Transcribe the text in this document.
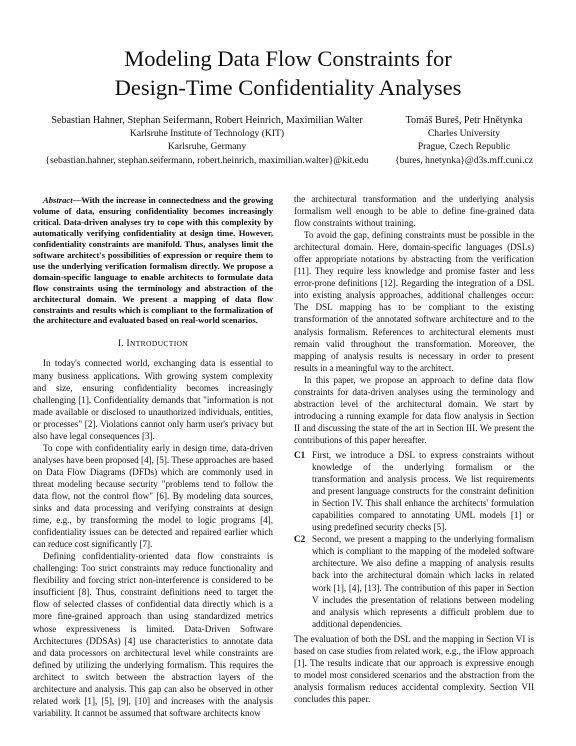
Modeling Data Flow Constraints for
Design-Time Confidentiality Analyses
Sebastian Hahner, Stephan Seifermann, Robert Heinrich, Maximilian Walter
Karlsruhe Institute of Technology (KIT)
Karlsruhe, Germany
{sebastian.hahner, stephan.seifermann, robert.heinrich, maximilian.walter}@kit.edu
Tomáš Bureš, Petr Hnětynka
Charles University
Prague, Czech Republic
{bures, hnetynka}@d3s.mff.cuni.cz

Abstract—With the increase in connectedness and the growing volume of data, ensuring confidentiality becomes increasingly critical. Data-driven analyses try to cope with this complexity by automatically verifying confidentiality at design time. However, confidentiality constraints are manifold. Thus, analyses limit the software architect's possibilities of expression or require them to use the underlying verification formalism directly. We propose a domain-specific language to enable architects to formulate data flow constraints using the terminology and abstraction of the architectural domain. We present a mapping of data flow constraints and results which is compliant to the formalization of the architecture and evaluated based on real-world scenarios.

I. INTRODUCTION

In today's connected world, exchanging data is essential to many business applications. With growing system complexity and size, ensuring confidentiality becomes increasingly challenging [1]. Confidentiality demands that "information is not made available or disclosed to unauthorized individuals, entities, or processes" [2]. Violations cannot only harm user's privacy but also have legal consequences [3].

To cope with confidentiality early in design time, data-driven analyses have been proposed [4], [5]. These approaches are based on Data Flow Diagrams (DFDs) which are commonly used in threat modeling because security "problems tend to follow the data flow, not the control flow" [6]. By modeling data sources, sinks and data processing and verifying constraints at design time, e.g., by transforming the model to logic programs [4], confidentiality issues can be detected and repaired earlier which can reduce cost significantly [7].

Defining confidentiality-oriented data flow constraints is challenging: Too strict constraints may reduce functionality and flexibility and forcing strict non-interference is considered to be insufficient [8]. Thus, constraint definitions need to target the flow of selected classes of confidential data directly which is a more fine-grained approach than using standardized metrics whose expressiveness is limited. Data-Driven Software Architectures (DDSAs) [4] use characteristics to annotate data and data processors on architectural level while constraints are defined by utilizing the underlying formalism. This requires the architect to switch between the abstraction layers of the architecture and analysis. This gap can also be observed in other related work [1], [5], [9], [10] and increases with the analysis variability. It cannot be assumed that software architects know

the architectural transformation and the underlying analysis formalism well enough to be able to define fine-grained data flow constraints without training.

To avoid the gap, defining constraints must be possible in the architectural domain. Here, domain-specific languages (DSLs) offer appropriate notations by abstracting from the verification [11]. They require less knowledge and promise faster and less error-prone definitions [12]. Regarding the integration of a DSL into existing analysis approaches, additional challenges occur: The DSL mapping has to be compliant to the existing transformation of the annotated software architecture and to the analysis formalism. References to architectural elements must remain valid throughout the transformation. Moreover, the mapping of analysis results is necessary in order to present results in a meaningful way to the architect.

In this paper, we propose an approach to define data flow constraints for data-driven analyses using the terminology and abstraction level of the architectural domain. We start by introducing a running example for data flow analysis in Section II and discussing the state of the art in Section III. We present the contributions of this paper hereafter.

C1 First, we introduce a DSL to express constraints without knowledge of the underlying formalism or the transformation and analysis process. We list requirements and present language constructs for the constraint definition in Section IV. This shall enhance the architects' formulation capabilities compared to annotating UML models [1] or using predefined security checks [5].
C2 Second, we present a mapping to the underlying formalism which is compliant to the mapping of the modeled software architecture. We also define a mapping of analysis results back into the architectural domain which lacks in related work [1], [4], [13]. The contribution of this paper in Section V includes the presentation of relations between modeling and analysis which represents a difficult problem due to additional dependencies.

The evaluation of both the DSL and the mapping in Section VI is based on case studies from related work, e.g., the iFlow approach [1]. The results indicate that our approach is expressive enough to model most considered scenarios and the abstraction from the analysis formalism reduces accidental complexity. Section VII concludes this paper.
